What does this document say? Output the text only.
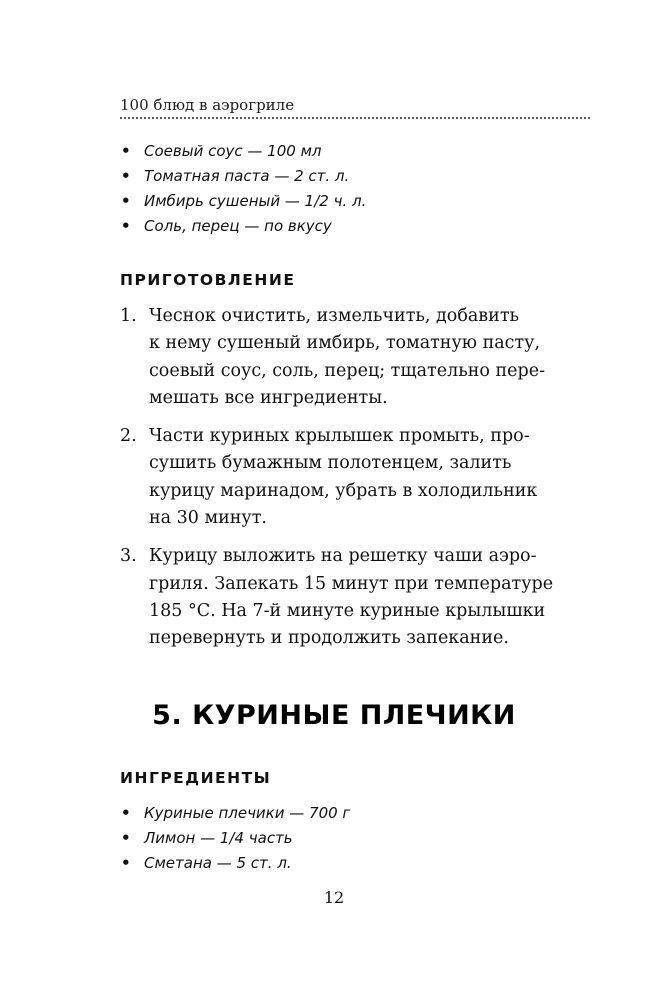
100 блюд в аэрогриле
• Соевый соус — 100 мл
• Томатная паста — 2 ст. л.
• Имбирь сушеный — 1/2 ч. л.
• Соль, перец — по вкусу
ПРИГОТОВЛЕНИЕ
1. Чеснок очистить, измельчить, добавить
к нему сушеный имбирь, томатную пасту,
соевый соус, соль, перец; тщательно пере-
мешать все ингредиенты.
2. Части куриных крылышек промыть, про-
сушить бумажным полотенцем, залить
курицу маринадом, убрать в холодильник
на 30 минут.
3. Курицу выложить на решетку чаши аэро-
гриля. Запекать 15 минут при температуре
185 °С. На 7-й минуте куриные крылышки
перевернуть и продолжить запекание.
5. КУРИНЫЕ ПЛЕЧИКИ
ИНГРЕДИЕНТЫ
• Куриные плечики — 700 г
• Лимон — 1/4 часть
• Сметана — 5 ст. л.
12
